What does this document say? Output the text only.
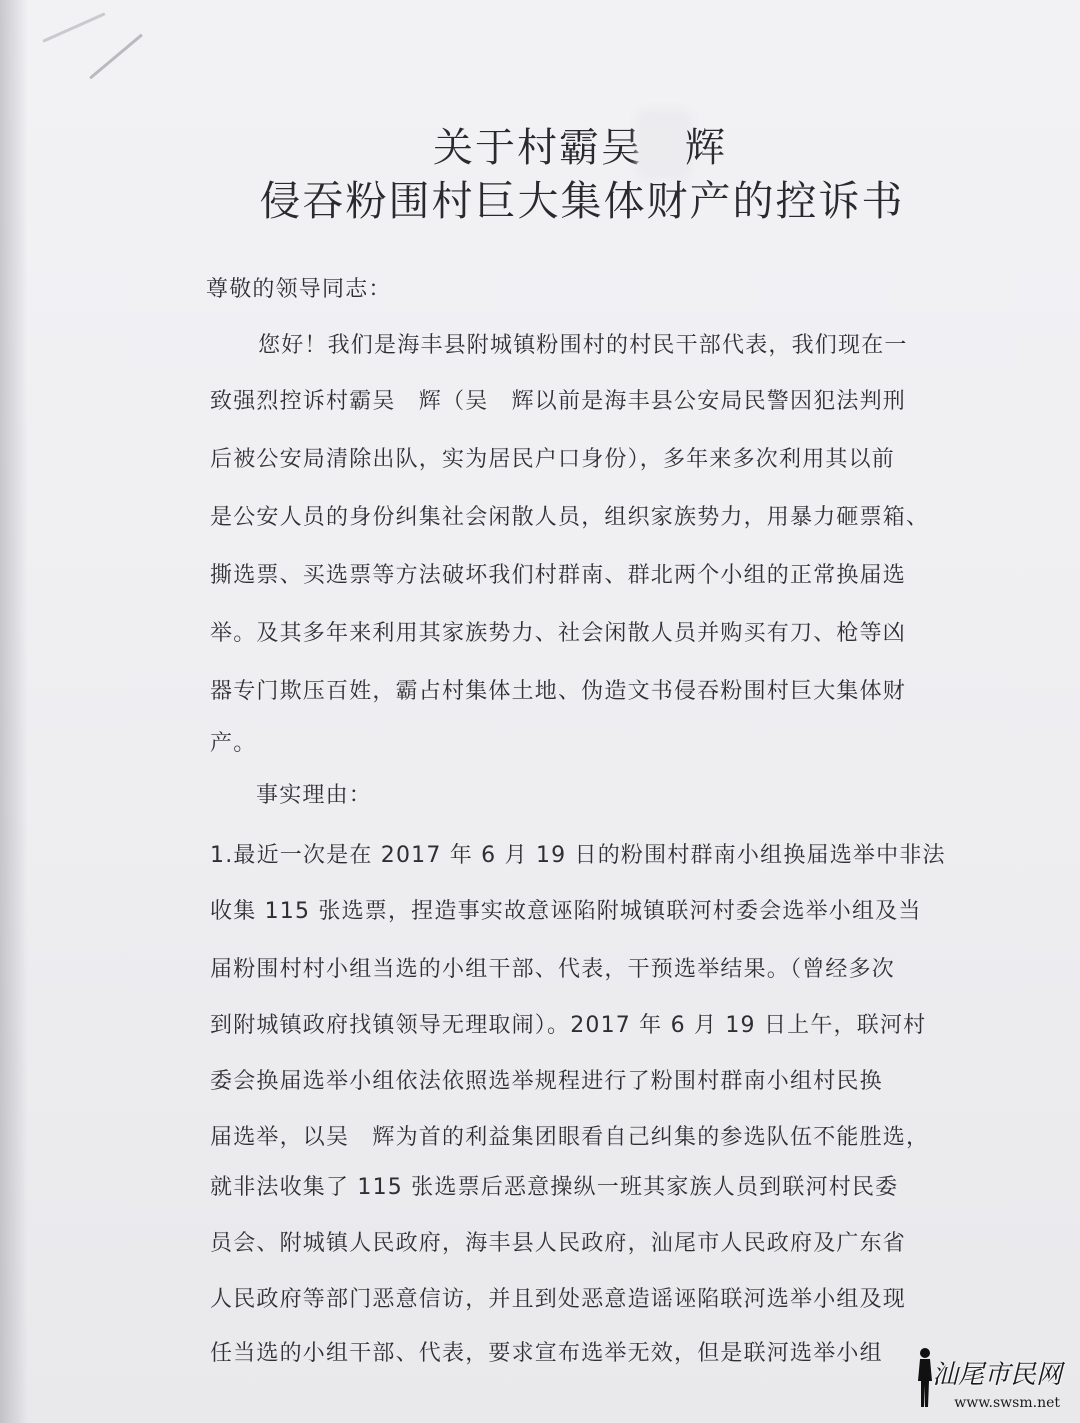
关于村霸吴 辉
侵吞粉围村巨大集体财产的控诉书
尊敬的领导同志：
您好！我们是海丰县附城镇粉围村的村民干部代表，我们现在一
致强烈控诉村霸吴　辉（吴　辉以前是海丰县公安局民警因犯法判刑
后被公安局清除出队，实为居民户口身份），多年来多次利用其以前
是公安人员的身份纠集社会闲散人员，组织家族势力，用暴力砸票箱、
撕选票、买选票等方法破坏我们村群南、群北两个小组的正常换届选
举。及其多年来利用其家族势力、社会闲散人员并购买有刀、枪等凶
器专门欺压百姓，霸占村集体土地、伪造文书侵吞粉围村巨大集体财
产。
事实理由：
1.最近一次是在 2017 年 6 月 19 日的粉围村群南小组换届选举中非法
收集 115 张选票，捏造事实故意诬陷附城镇联河村委会选举小组及当
届粉围村村小组当选的小组干部、代表，干预选举结果。（曾经多次
到附城镇政府找镇领导无理取闹）。2017 年 6 月 19 日上午，联河村
委会换届选举小组依法依照选举规程进行了粉围村群南小组村民换
届选举，以吴　辉为首的利益集团眼看自己纠集的参选队伍不能胜选，
就非法收集了 115 张选票后恶意操纵一班其家族人员到联河村民委
员会、附城镇人民政府，海丰县人民政府，汕尾市人民政府及广东省
人民政府等部门恶意信访，并且到处恶意造谣诬陷联河选举小组及现
任当选的小组干部、代表，要求宣布选举无效，但是联河选举小组
汕尾市民网
www.swsm.net
